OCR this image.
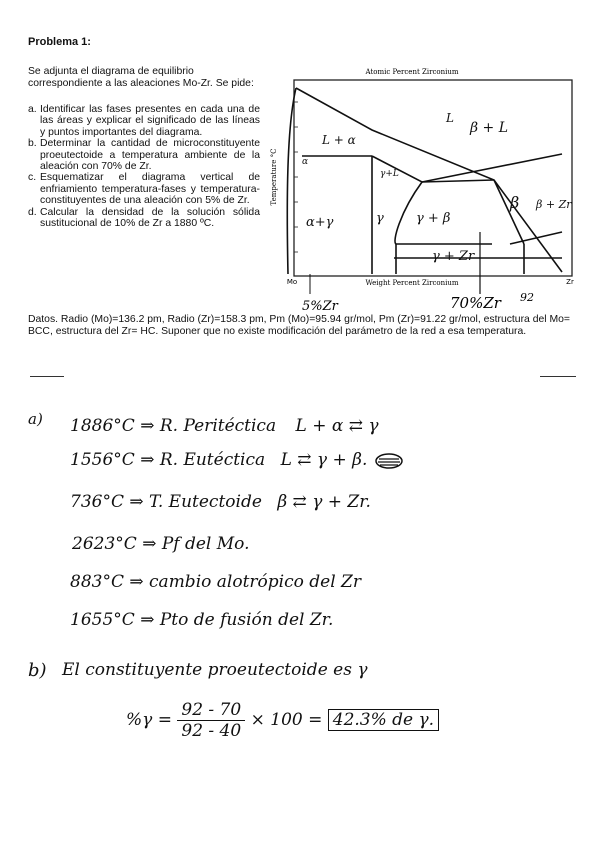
Problema 1:
Se adjunta el diagrama de equilibrio correspondiente a las aleaciones Mo-Zr. Se pide:

a. Identificar las fases presentes en cada una de las áreas y explicar el significado de las líneas y puntos importantes del diagrama.

b. Determinar la cantidad de microconstituyente proeutectoide a temperatura ambiente de la aleación con 70% de Zr.

c. Esquematizar el diagrama vertical de enfriamiento temperatura-fases y temperatura-constituyentes de una aleación con 5% de Zr.

d. Calcular la densidad de la solución sólida sustitucional de 10% de Zr a 1880 ºC.

Atomic Percent Zirconium
Weight Percent Zirconium
Temperature °C
Mo	Zr
L
β + L
L + α
α
γ+L
β β + Zr
α+γ	γ γ + β
γ + Zr
5%Zr	70%Zr 92
Datos. Radio (Mo)=136.2 pm, Radio (Zr)=158.3 pm, Pm (Mo)=95.94 gr/mol, Pm (Zr)=91.22 gr/mol, estructura del Mo= BCC, estructura del Zr= HC. Suponer que no existe modificación del parámetro de la red a esa temperatura.
a) 1886°C ⇒ R. Peritéctica L + α ⇄ γ
1556°C ⇒ R. Eutéctica L ⇄ γ + β.
736°C ⇒ T. Eutectoide β ⇄ γ + Zr.
2623°C ⇒ Pf del Mo.
883°C ⇒ cambio alotrópico del Zr
1655°C ⇒ Pto de fusión del Zr.
b) El constituyente proeutectoide es γ
$\%\gamma = \frac{92 - 70}{92 - 40} \times 100 = 42.3\%$ de γ.
